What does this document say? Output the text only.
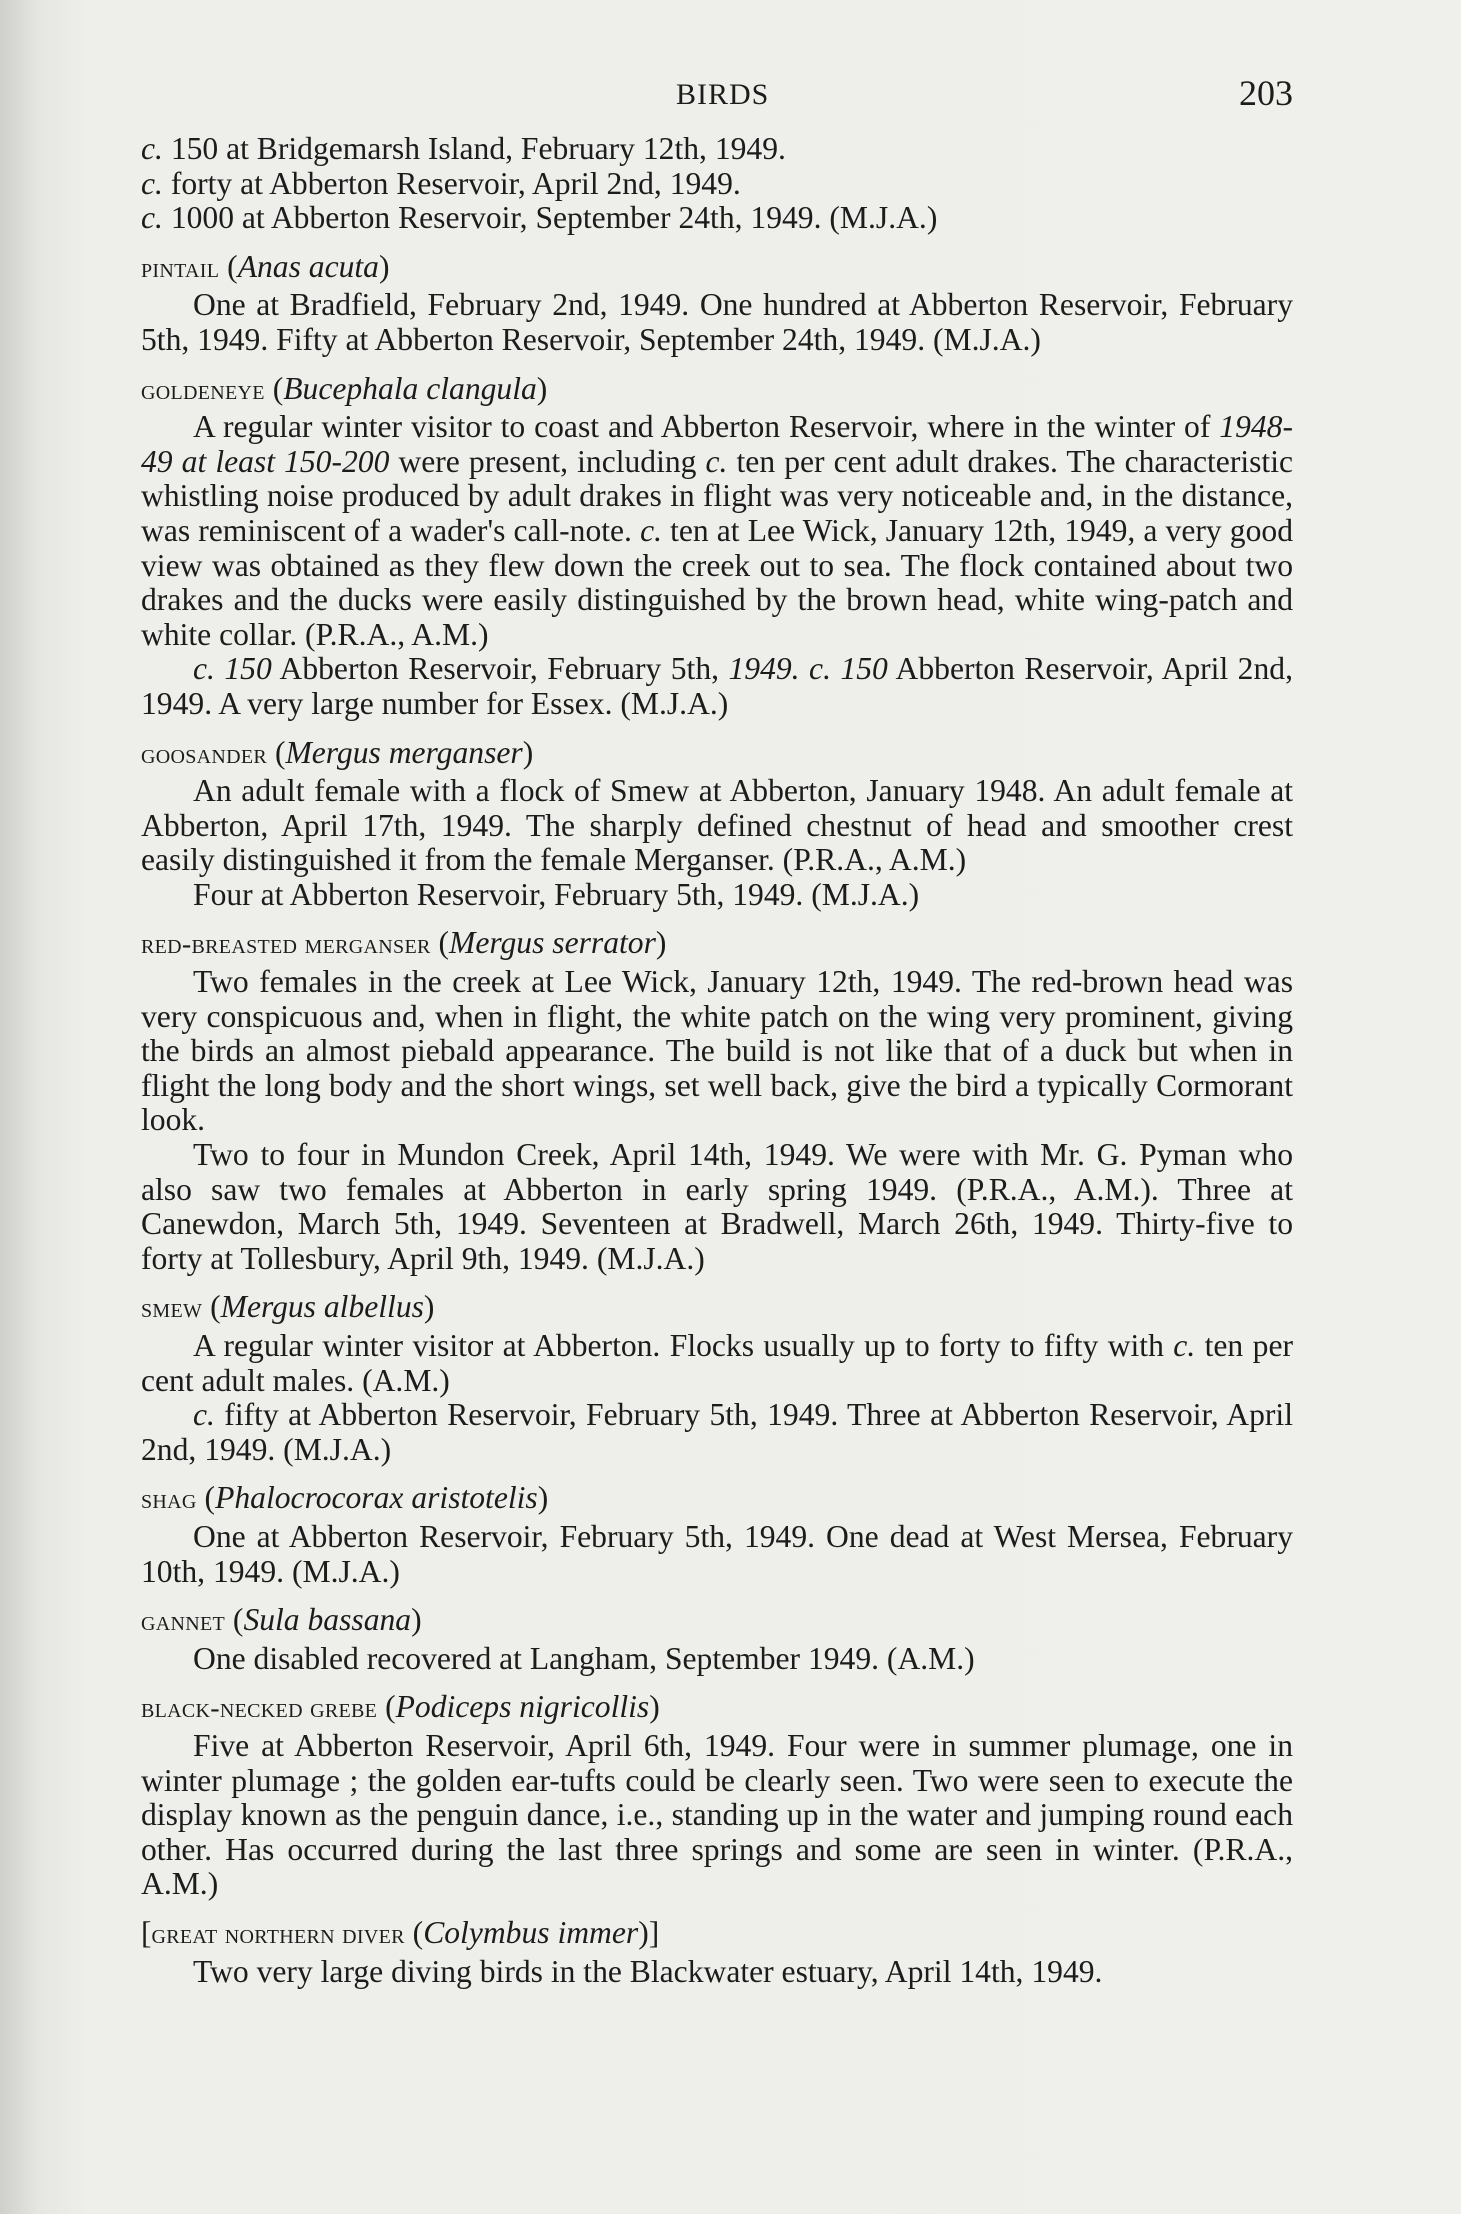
BIRDS	203
c. 150 at Bridgemarsh Island, February 12th, 1949.
c. forty at Abberton Reservoir, April 2nd, 1949.
c. 1000 at Abberton Reservoir, September 24th, 1949. (M.J.A.)
pintail (Anas acuta)
One at Bradfield, February 2nd, 1949. One hundred at Abberton Reservoir, February 5th, 1949. Fifty at Abberton Reservoir, September 24th, 1949. (M.J.A.)
goldeneye (Bucephala clangula)
A regular winter visitor to coast and Abberton Reservoir, where in the winter of 1948-49 at least 150-200 were present, including c. ten per cent adult drakes. The characteristic whistling noise produced by adult drakes in flight was very noticeable and, in the distance, was reminiscent of a wader's call-note. c. ten at Lee Wick, January 12th, 1949, a very good view was obtained as they flew down the creek out to sea. The flock contained about two drakes and the ducks were easily distinguished by the brown head, white wing-patch and white collar. (P.R.A., A.M.)
c. 150 Abberton Reservoir, February 5th, 1949. c. 150 Abberton Reservoir, April 2nd, 1949. A very large number for Essex. (M.J.A.)
goosander (Mergus merganser)
An adult female with a flock of Smew at Abberton, January 1948. An adult female at Abberton, April 17th, 1949. The sharply defined chestnut of head and smoother crest easily distinguished it from the female Merganser. (P.R.A., A.M.)
Four at Abberton Reservoir, February 5th, 1949. (M.J.A.)
red-breasted merganser (Mergus serrator)
Two females in the creek at Lee Wick, January 12th, 1949. The red-brown head was very conspicuous and, when in flight, the white patch on the wing very prominent, giving the birds an almost piebald appearance. The build is not like that of a duck but when in flight the long body and the short wings, set well back, give the bird a typically Cormorant look.
Two to four in Mundon Creek, April 14th, 1949. We were with Mr. G. Pyman who also saw two females at Abberton in early spring 1949. (P.R.A., A.M.). Three at Canewdon, March 5th, 1949. Seventeen at Bradwell, March 26th, 1949. Thirty-five to forty at Tollesbury, April 9th, 1949. (M.J.A.)
smew (Mergus albellus)
A regular winter visitor at Abberton. Flocks usually up to forty to fifty with c. ten per cent adult males. (A.M.)
c. fifty at Abberton Reservoir, February 5th, 1949. Three at Abberton Reservoir, April 2nd, 1949. (M.J.A.)
shag (Phalocrocorax aristotelis)
One at Abberton Reservoir, February 5th, 1949. One dead at West Mersea, February 10th, 1949. (M.J.A.)
gannet (Sula bassana)
One disabled recovered at Langham, September 1949. (A.M.)
black-necked grebe (Podiceps nigricollis)
Five at Abberton Reservoir, April 6th, 1949. Four were in summer plumage, one in winter plumage ; the golden ear-tufts could be clearly seen. Two were seen to execute the display known as the penguin dance, i.e., standing up in the water and jumping round each other. Has occurred during the last three springs and some are seen in winter. (P.R.A., A.M.)
[great northern diver (Colymbus immer)]
Two very large diving birds in the Blackwater estuary, April 14th, 1949.
